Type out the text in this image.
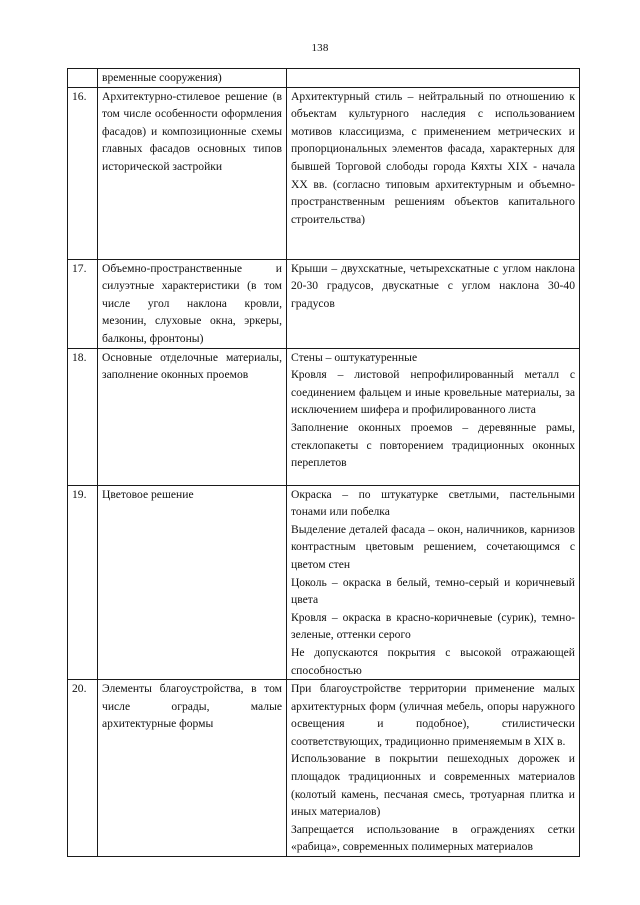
138
	временные сооружения)	
16.	Архитектурно-стилевое решение (в том числе особенности оформления фасадов) и композиционные схемы главных фасадов основных типов исторической застройки	Архитектурный стиль – нейтральный по отношению к объектам культурного наследия с использованием мотивов классицизма, с применением метрических и пропорциональных элементов фасада, характерных для бывшей Торговой слободы города Кяхты XIX - начала XX вв. (согласно типовым архитектурным и объемно-пространственным решениям объектов капитального строительства)

17.	Объемно-пространственные и силуэтные характеристики (в том числе угол наклона кровли, мезонин, слуховые окна, эркеры, балконы, фронтоны)	Крыши – двухскатные, четырехскатные с углом наклона 20-30 градусов, двускатные с углом наклона 30-40 градусов

18.	Основные отделочные материалы, заполнение оконных проемов	Стены – оштукатуренные
Кровля – листовой непрофилированный металл с соединением фальцем и иные кровельные материалы, за исключением шифера и профилированного листа
Заполнение оконных проемов – деревянные рамы, стеклопакеты с повторением традиционных оконных переплетов

19.	Цветовое решение	Окраска – по штукатурке светлыми, пастельными тонами или побелка
Выделение деталей фасада – окон, наличников, карнизов контрастным цветовым решением, сочетающимся с цветом стен
Цоколь – окраска в белый, темно-серый и коричневый цвета
Кровля – окраска в красно-коричневые (сурик), темно-зеленые, оттенки серого
Не допускаются покрытия с высокой отражающей способностью

20.	Элементы благоустройства, в том числе ограды, малые архитектурные формы	При благоустройстве территории применение малых архитектурных форм (уличная мебель, опоры наружного освещения и подобное), стилистически соответствующих, традиционно применяемым в XIX в.
Использование в покрытии пешеходных дорожек и площадок традиционных и современных материалов (колотый камень, песчаная смесь, тротуарная плитка и иных материалов)
Запрещается использование в ограждениях сетки «рабица», современных полимерных материалов
